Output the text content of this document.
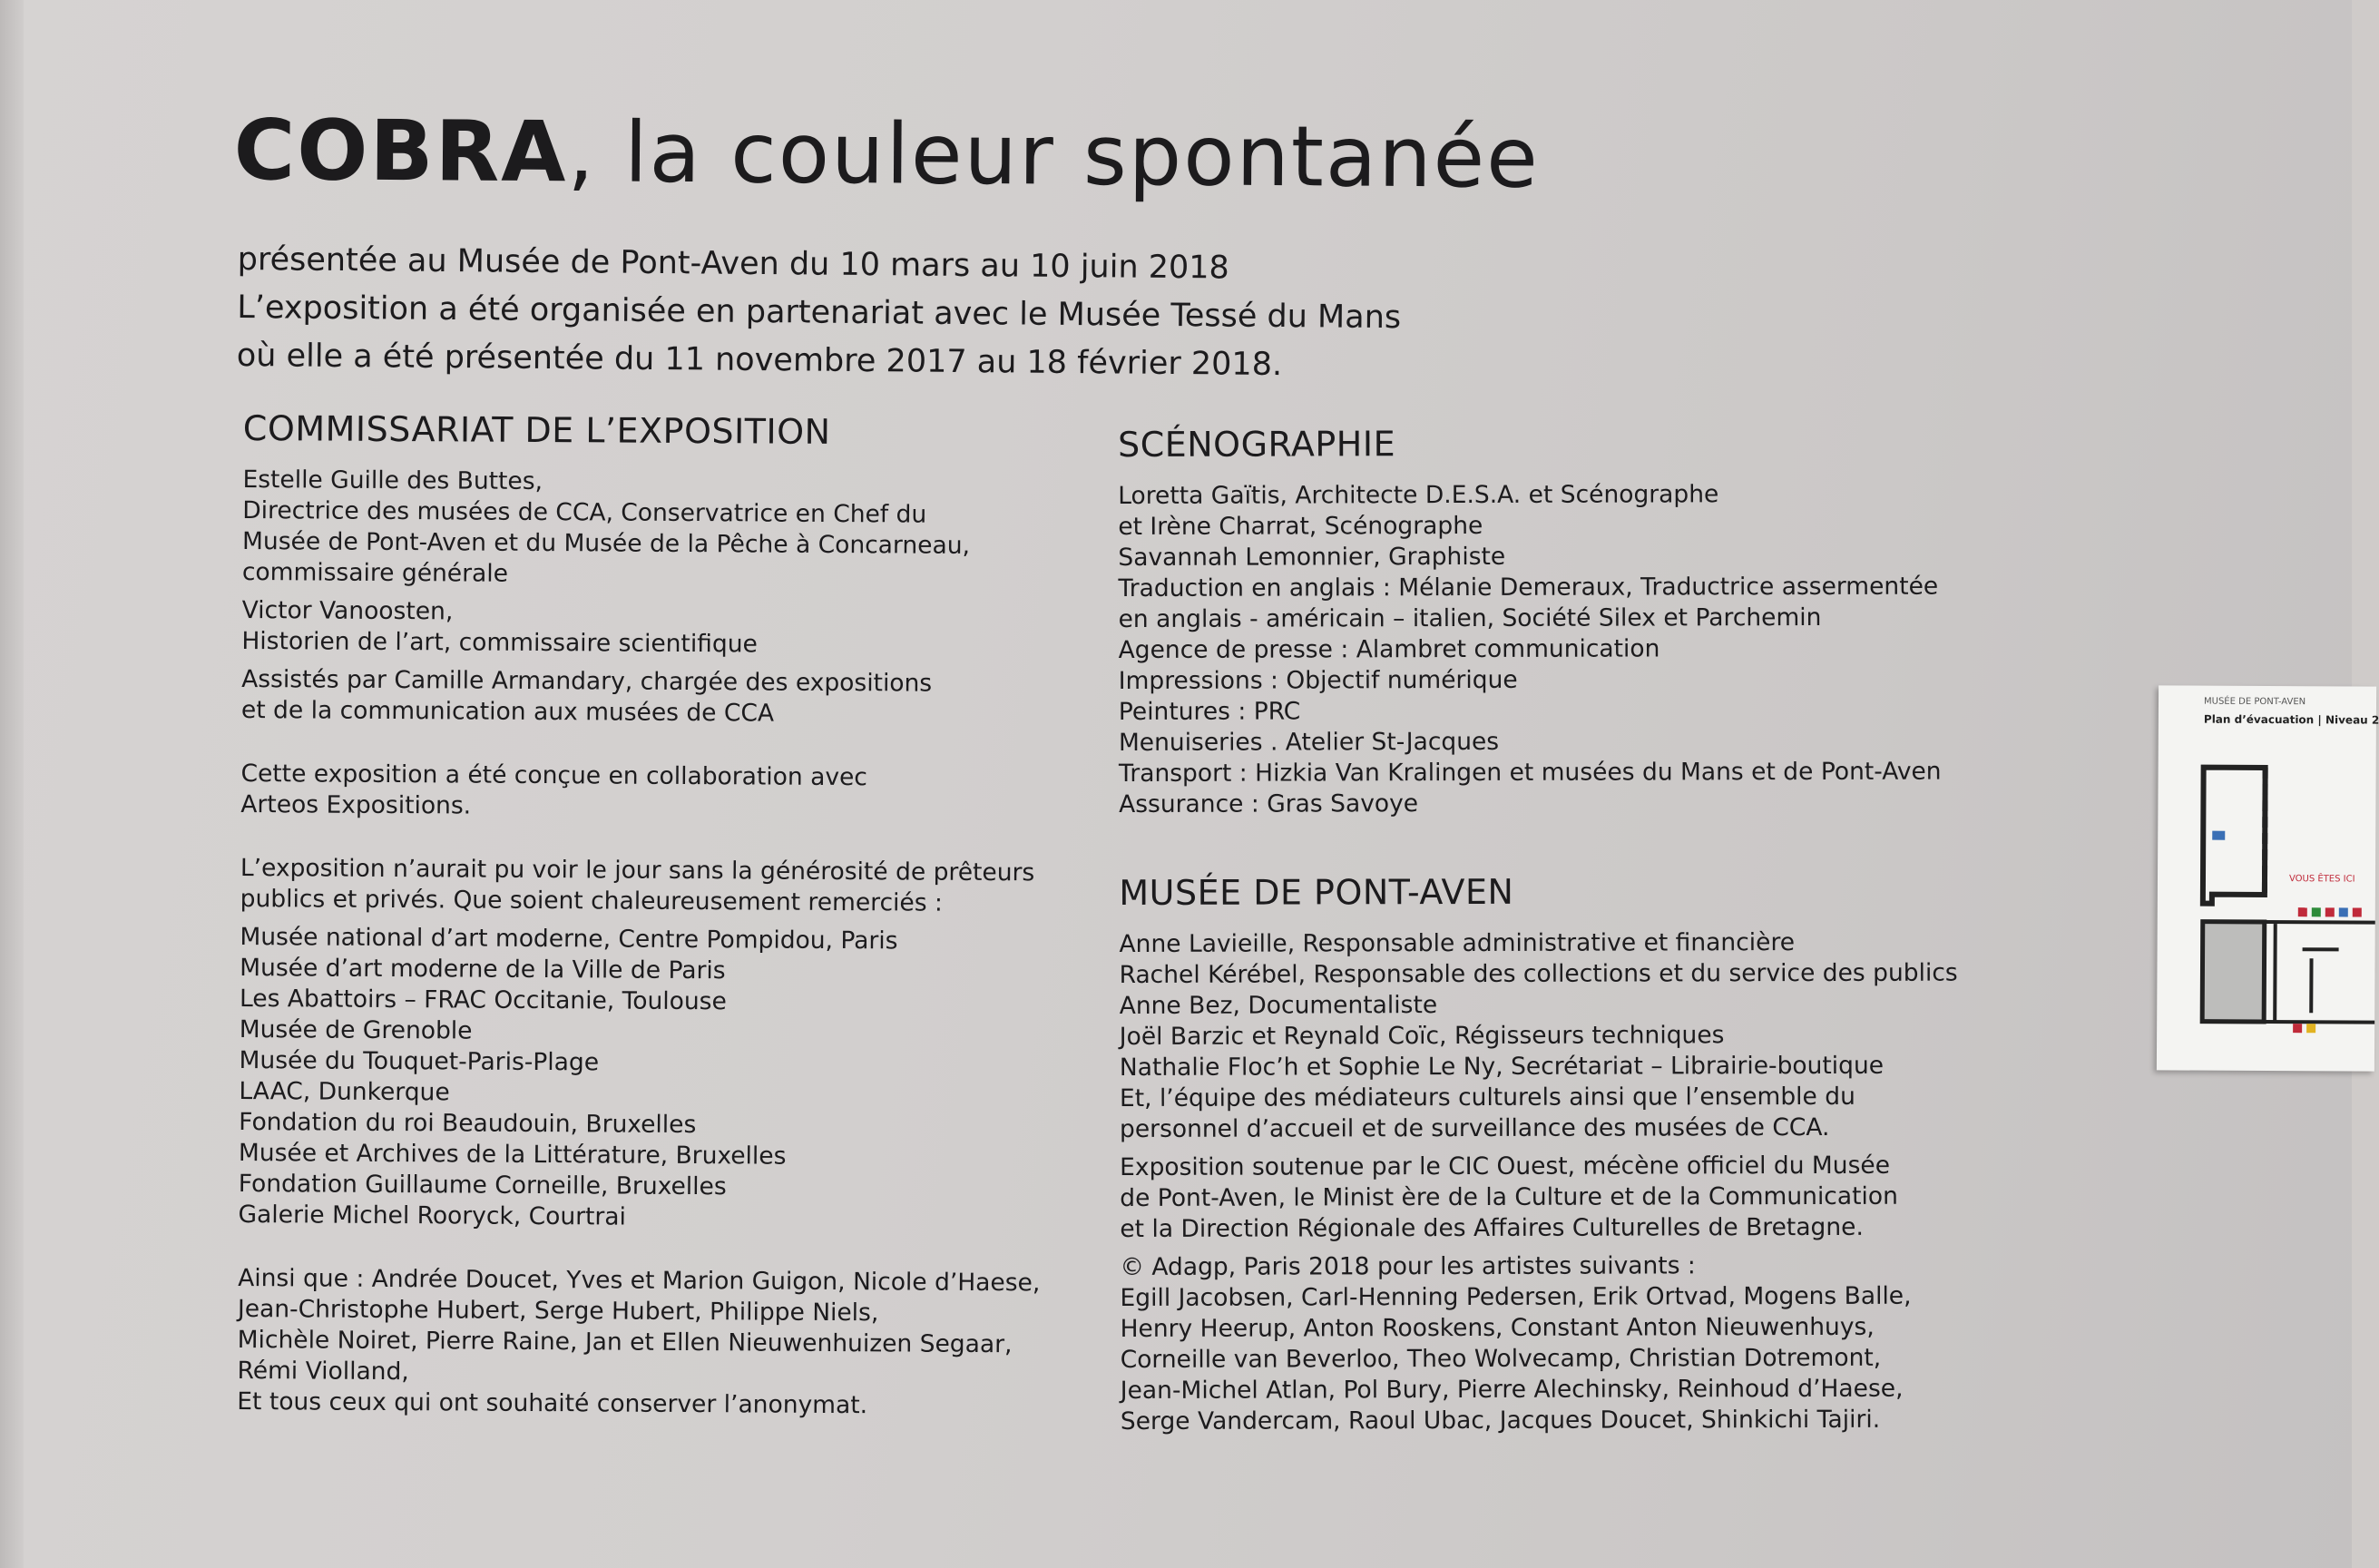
COBRA, la couleur spontanée
présentée au Musée de Pont-Aven du 10 mars au 10 juin 2018
L’exposition a été organisée en partenariat avec le Musée Tessé du Mans
où elle a été présentée du 11 novembre 2017 au 18 février 2018.
COMMISSARIAT DE L’EXPOSITION
Estelle Guille des Buttes,
Directrice des musées de CCA, Conservatrice en Chef du
Musée de Pont-Aven et du Musée de la Pêche à Concarneau,
commissaire générale
Victor Vanoosten,
Historien de l’art, commissaire scientifique
Assistés par Camille Armandary, chargée des expositions
et de la communication aux musées de CCA
Cette exposition a été conçue en collaboration avec
Arteos Expositions.
L’exposition n’aurait pu voir le jour sans la générosité de prêteurs
publics et privés. Que soient chaleureusement remerciés :
Musée national d’art moderne, Centre Pompidou, Paris
Musée d’art moderne de la Ville de Paris
Les Abattoirs – FRAC Occitanie, Toulouse
Musée de Grenoble
Musée du Touquet-Paris-Plage
LAAC, Dunkerque
Fondation du roi Beaudouin, Bruxelles
Musée et Archives de la Littérature, Bruxelles
Fondation Guillaume Corneille, Bruxelles
Galerie Michel Rooryck, Courtrai
Ainsi que : Andrée Doucet, Yves et Marion Guigon, Nicole d’Haese,
Jean-Christophe Hubert, Serge Hubert, Philippe Niels,
Michèle Noiret, Pierre Raine, Jan et Ellen Nieuwenhuizen Segaar,
Rémi Violland,
Et tous ceux qui ont souhaité conserver l’anonymat.
SCÉNOGRAPHIE
Loretta Gaïtis, Architecte D.E.S.A. et Scénographe
et Irène Charrat, Scénographe
Savannah Lemonnier, Graphiste
Traduction en anglais : Mélanie Demeraux, Traductrice assermentée
en anglais - américain – italien, Société Silex et Parchemin
Agence de presse : Alambret communication
Impressions : Objectif numérique
Peintures : PRC
Menuiseries . Atelier St-Jacques
Transport : Hizkia Van Kralingen et musées du Mans et de Pont-Aven
Assurance : Gras Savoye
MUSÉE DE PONT-AVEN
Anne Lavieille, Responsable administrative et financière
Rachel Kérébel, Responsable des collections et du service des publics
Anne Bez, Documentaliste
Joël Barzic et Reynald Coïc, Régisseurs techniques
Nathalie Floc’h et Sophie Le Ny, Secrétariat – Librairie-boutique
Et, l’équipe des médiateurs culturels ainsi que l’ensemble du
personnel d’accueil et de surveillance des musées de CCA.
Exposition soutenue par le CIC Ouest, mécène officiel du Musée
de Pont-Aven, le Minist ère de la Culture et de la Communication
et la Direction Régionale des Affaires Culturelles de Bretagne.
© Adagp, Paris 2018 pour les artistes suivants :
Egill Jacobsen, Carl-Henning Pedersen, Erik Ortvad, Mogens Balle,
Henry Heerup, Anton Rooskens, Constant Anton Nieuwenhuys,
Corneille van Beverloo, Theo Wolvecamp, Christian Dotremont,
Jean-Michel Atlan, Pol Bury, Pierre Alechinsky, Reinhoud d’Haese,
Serge Vandercam, Raoul Ubac, Jacques Doucet, Shinkichi Tajiri.
MUSÉE DE PONT-AVEN
Plan d’évacuation | Niveau 2
VOUS ÊTES ICI
